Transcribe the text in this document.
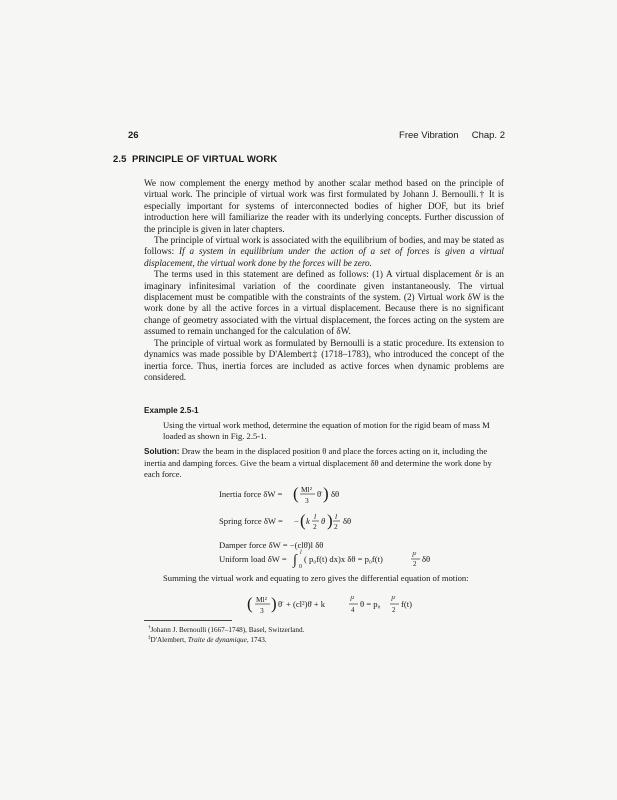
26	Free Vibration     Chap. 2
2.5  PRINCIPLE OF VIRTUAL WORK

We now complement the energy method by another scalar method based on the principle of virtual work. The principle of virtual work was first formulated by Johann J. Bernoulli.† It is especially important for systems of interconnected bodies of higher DOF, but its brief introduction here will familiarize the reader with its underlying concepts. Further discussion of the principle is given in later chapters.

The principle of virtual work is associated with the equilibrium of bodies, and may be stated as follows: If a system in equilibrium under the action of a set of forces is given a virtual displacement, the virtual work done by the forces will be zero.

The terms used in this statement are defined as follows: (1) A virtual displacement δr is an imaginary infinitesimal variation of the coordinate given instantaneously. The virtual displacement must be compatible with the constraints of the system. (2) Virtual work δW is the work done by all the active forces in a virtual displacement. Because there is no significant change of geometry associated with the virtual displacement, the forces acting on the system are assumed to remain unchanged for the calculation of δW.

The principle of virtual work as formulated by Bernoulli is a static procedure. Its extension to dynamics was made possible by D'Alembert‡ (1718–1783), who introduced the concept of the inertia force. Thus, inertia forces are included as active forces when dynamic problems are considered.

Example 2.5-1
Using the virtual work method, determine the equation of motion for the rigid beam of mass M loaded as shown in Fig. 2.5-1.
Solution: Draw the beam in the displaced position θ and place the forces acting on it, including the inertia and damping forces. Give the beam a virtual displacement δθ and determine the work done by each force.
Inertia force δW = ( Ml²
3
θ̈ ) δθ
Spring force δW = − ( k l
2
θ ) l
2
δθ
Damper force δW = −(clθ̇)l δθ
Uniform load δW = ∫ l
0
( p₀f(t) dx)x δθ = p₀f(t)	l²
2 δθ
( Ml²
3 ) θ̈ + (cl²)θ̇ + k	l²
4
θ = p₀ l²
2
f(t)
Summing the virtual work and equating to zero gives the differential equation of motion:
†Johann J. Bernoulli (1667–1748), Basel, Switzerland.
‡D'Alembert, Traite de dynamique, 1743.
